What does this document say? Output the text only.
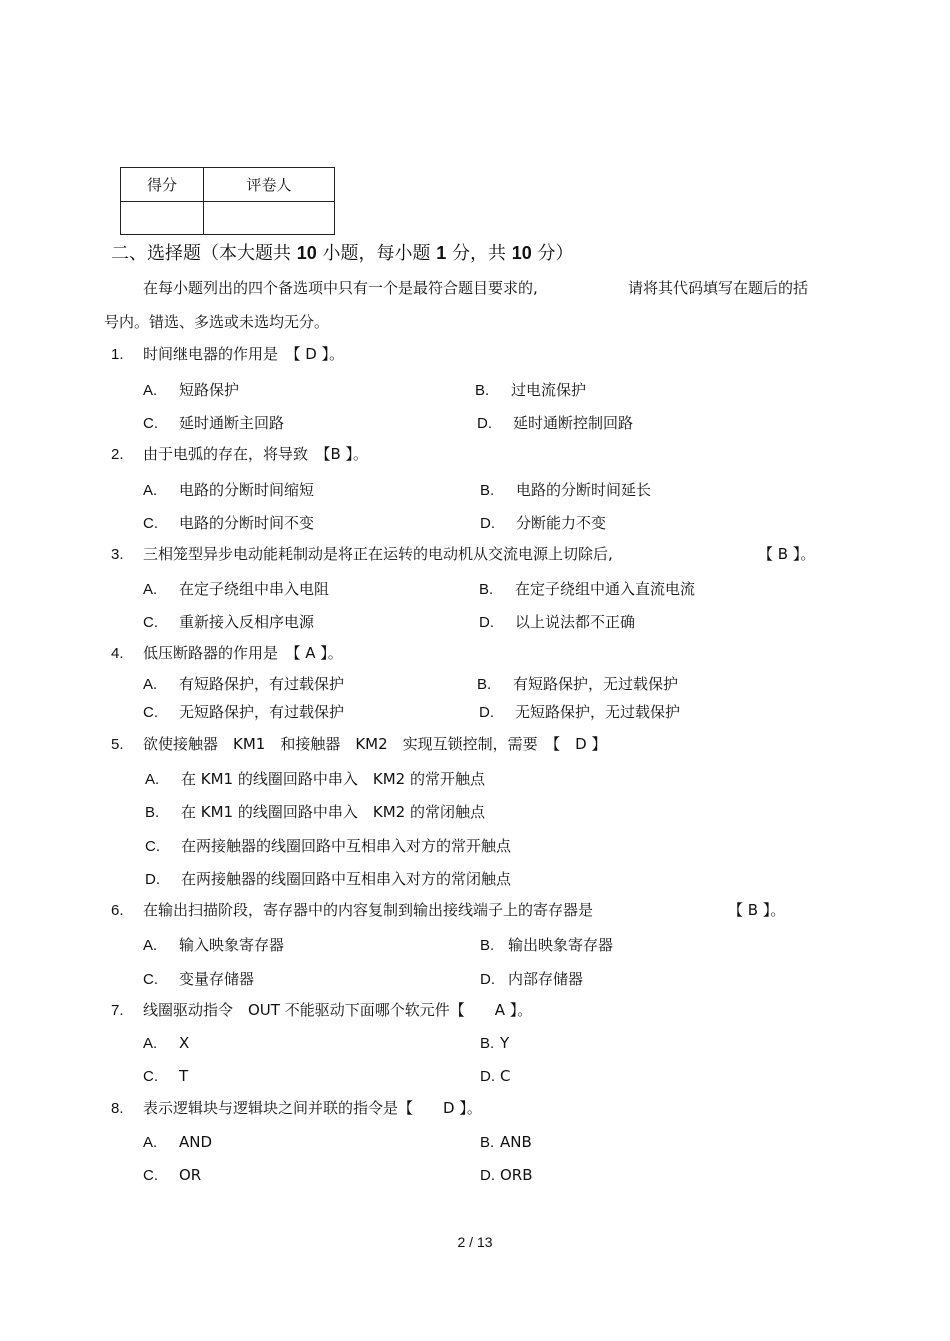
得分	评卷人

二、选择题（本大题共 10 小题，每小题 1 分，共 10 分）
在每小题列出的四个备选项中只有一个是最符合题目要求的,	请将其代码填写在题后的括
号内。错选、多选或未选均无分。
1. 时间继电器的作用是　【 D 】。
A. 短路保护	B. 过电流保护
C. 延时通断主回路	D. 延时通断控制回路
2. 由于电弧的存在，将导致　【B 】。
A. 电路的分断时间缩短	B. 电路的分断时间延长
C. 电路的分断时间不变	D. 分断能力不变
3. 三相笼型异步电动能耗制动是将正在运转的电动机从交流电源上切除后,	【 B 】。
A. 在定子绕组中串入电阻	B. 在定子绕组中通入直流电流
C. 重新接入反相序电源	D. 以上说法都不正确
4. 低压断路器的作用是　【 A 】。
A. 有短路保护，有过载保护	B. 有短路保护，无过载保护
C. 无短路保护，有过载保护	D. 无短路保护，无过载保护
5. 欲使接触器　KM1　和接触器　KM2　实现互锁控制，需要　【　D 】
A. 在 KM1 的线圈回路中串入　KM2 的常开触点
B. 在 KM1 的线圈回路中串入　KM2 的常闭触点
C. 在两接触器的线圈回路中互相串入对方的常开触点
D. 在两接触器的线圈回路中互相串入对方的常闭触点
6. 在输出扫描阶段，寄存器中的内容复制到输出接线端子上的寄存器是	【 B 】。
A. 输入映象寄存器	B. 输出映象寄存器
C. 变量存储器	D. 内部存储器
7. 线圈驱动指令　OUT 不能驱动下面哪个软元件【　　A 】。
A. X	B. Y
C. T	D. C
8. 表示逻辑块与逻辑块之间并联的指令是【　　D 】。
A. AND	B. ANB
C. OR	D. ORB
2 / 13
